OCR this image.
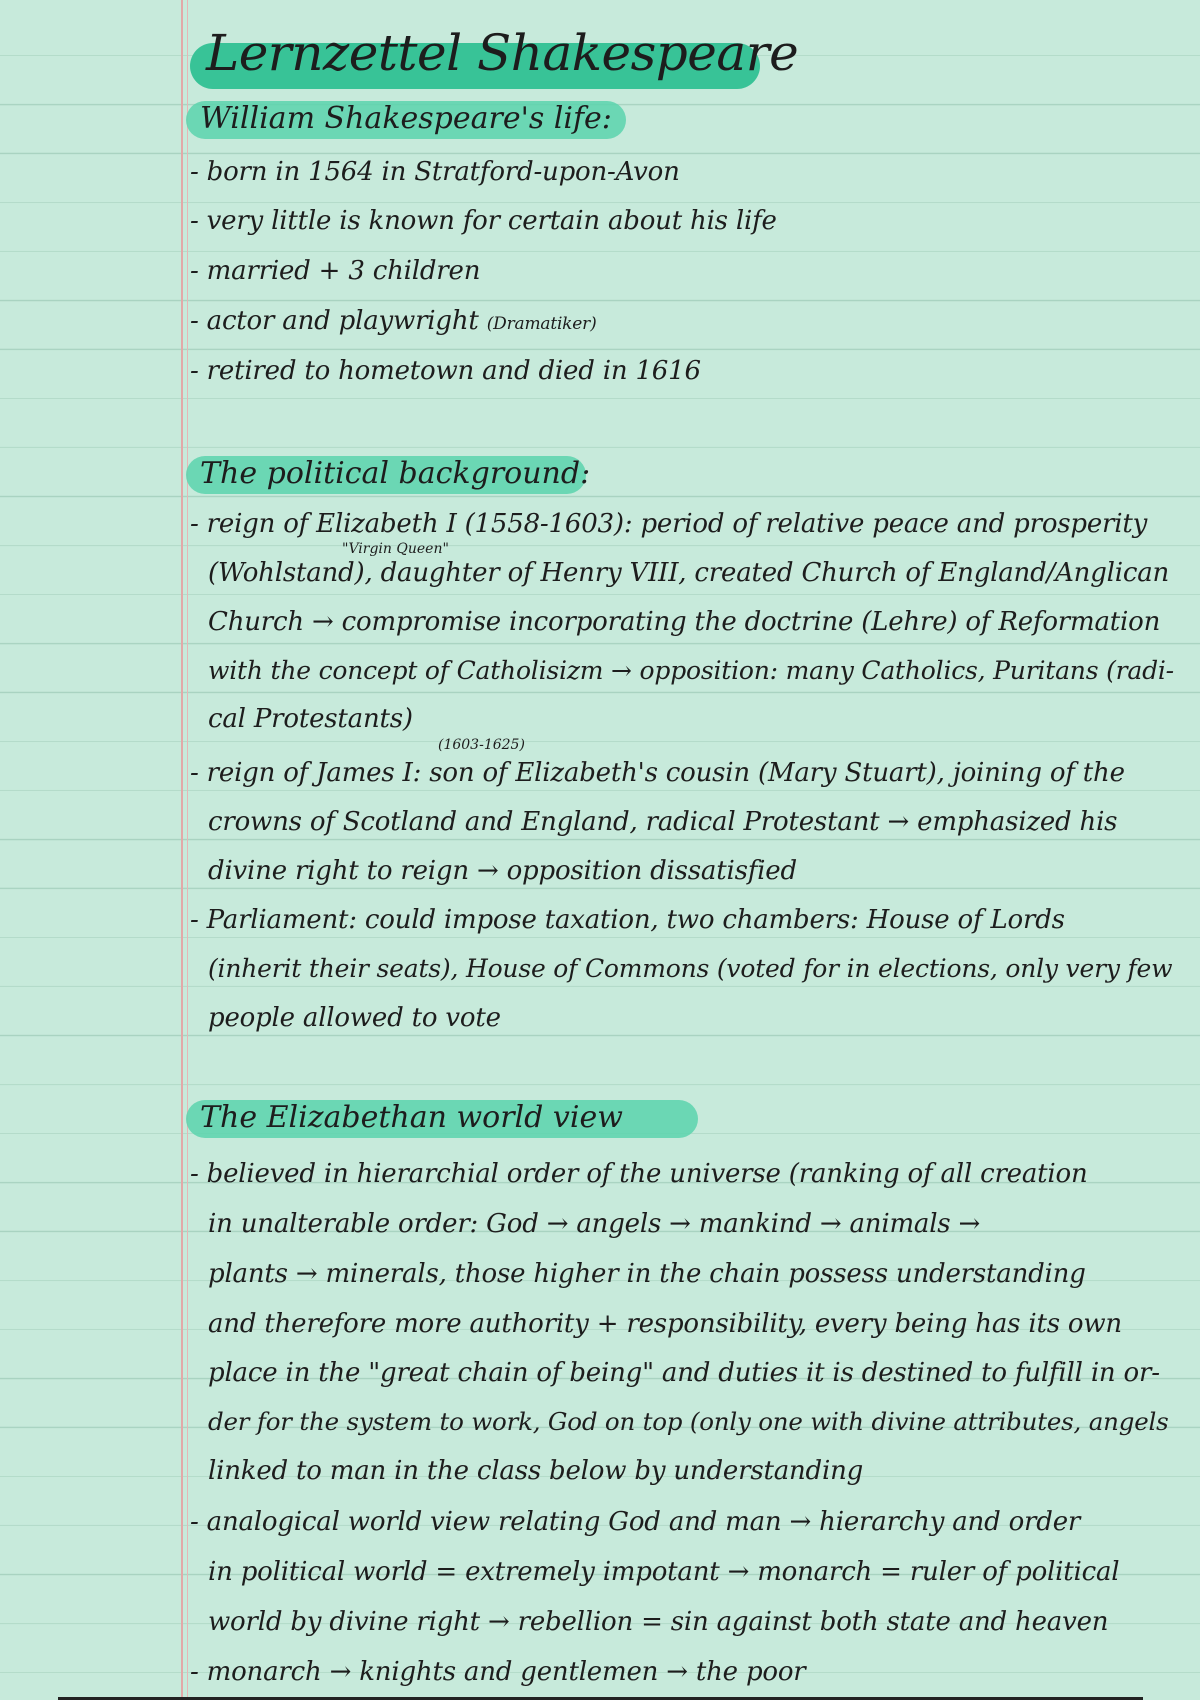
Lernzettel Shakespeare
William Shakespeare's life:
- born in 1564 in Stratford-upon-Avon
- very little is known for certain about his life
- married + 3 children
- actor and playwright (Dramatiker)
- retired to hometown and died in 1616
The political background:
"Virgin Queen"
- reign of Elizabeth I (1558-1603): period of relative peace and prosperity
(Wohlstand), daughter of Henry VIII, created Church of England/Anglican
Church → compromise incorporating the doctrine (Lehre) of Reformation
with the concept of Catholisizm → opposition: many Catholics, Puritans (radi-
cal Protestants)
(1603-1625)
- reign of James I: son of Elizabeth's cousin (Mary Stuart), joining of the
crowns of Scotland and England, radical Protestant → emphasized his
divine right to reign → opposition dissatisfied
- Parliament: could impose taxation, two chambers: House of Lords
(inherit their seats), House of Commons (voted for in elections, only very few
people allowed to vote
The Elizabethan world view
- believed in hierarchial order of the universe (ranking of all creation
in unalterable order: God → angels → mankind → animals →
plants → minerals, those higher in the chain possess understanding
and therefore more authority + responsibility, every being has its own
place in the "great chain of being" and duties it is destined to fulfill in or-
der for the system to work, God on top (only one with divine attributes, angels
linked to man in the class below by understanding
- analogical world view relating God and man → hierarchy and order
in political world = extremely impotant → monarch = ruler of political
world by divine right → rebellion = sin against both state and heaven
- monarch → knights and gentlemen → the poor
